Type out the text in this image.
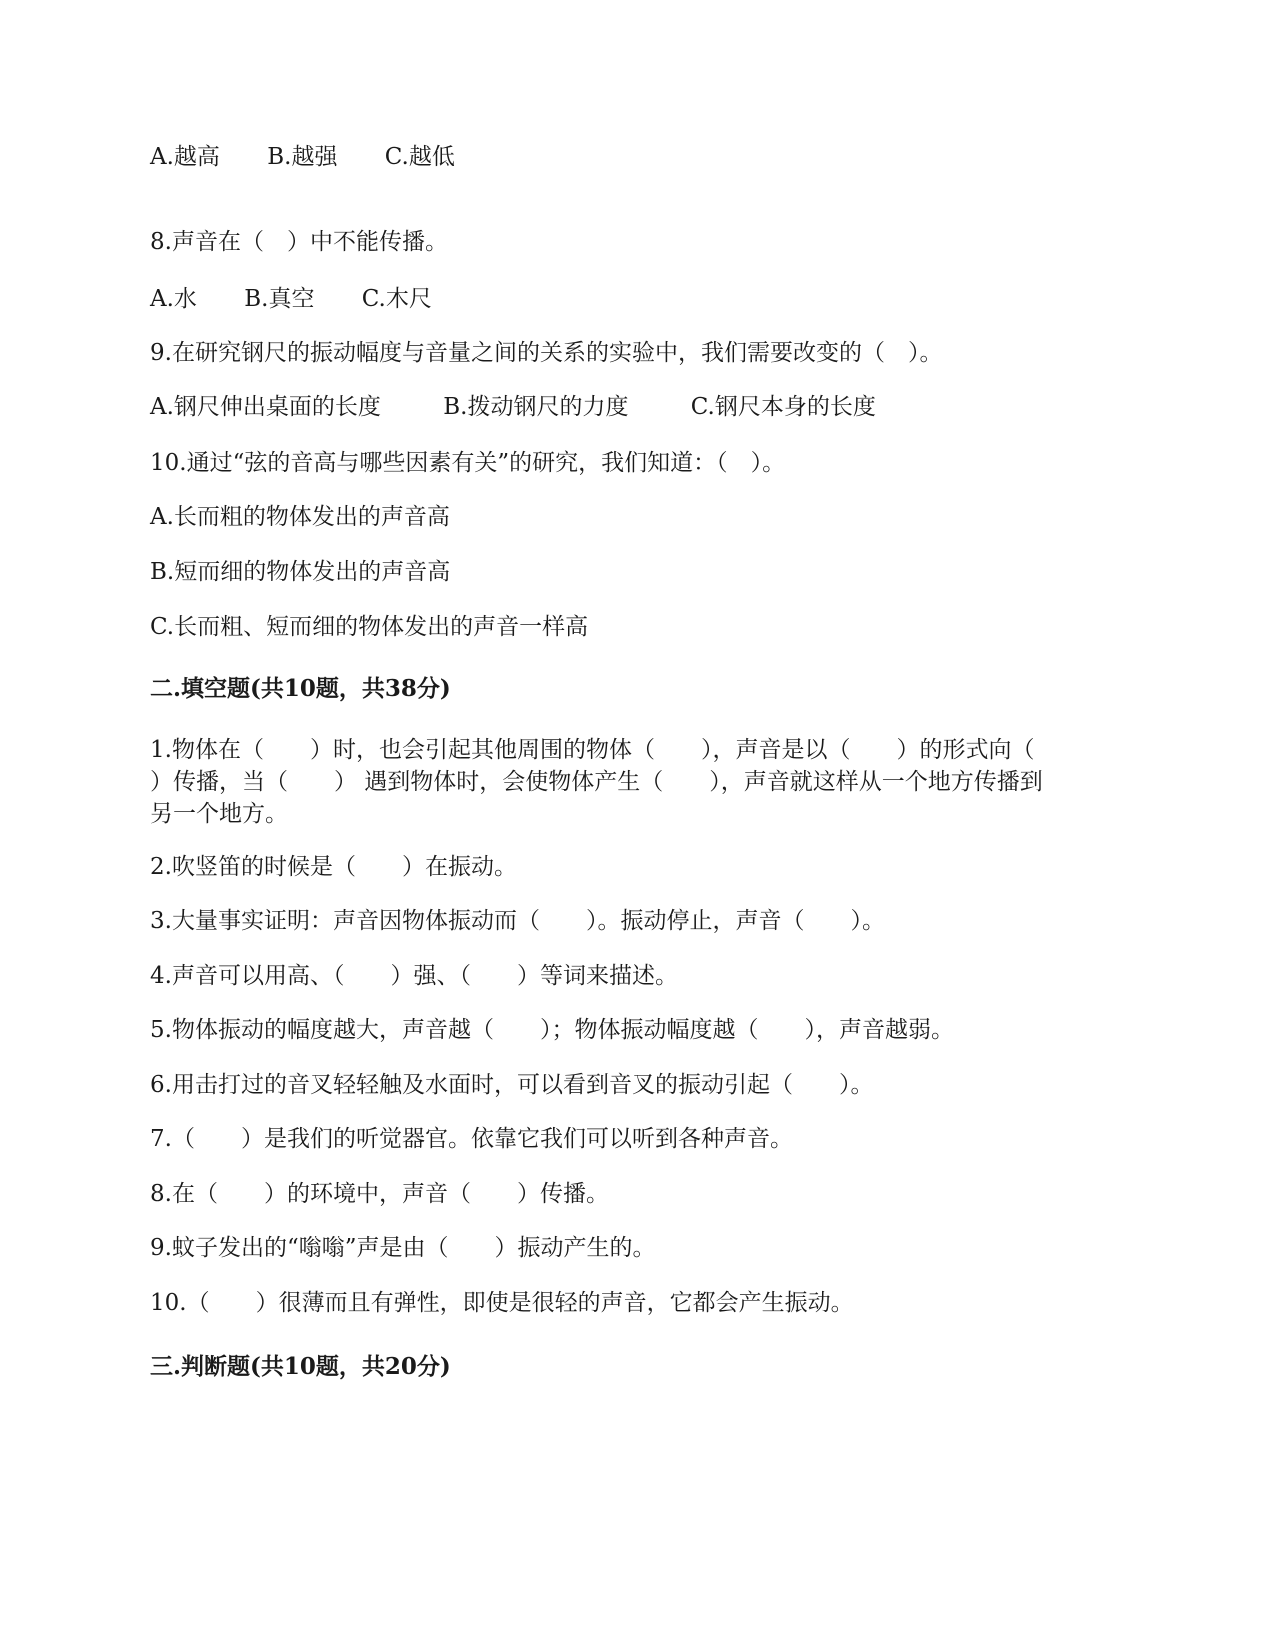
A.越高 B.越强 C.越低
8.声音在（　）中不能传播。
A.水 B.真空 C.木尺
9.在研究钢尺的振动幅度与音量之间的关系的实验中，我们需要改变的（　）。
A.钢尺伸出桌面的长度	B.拨动钢尺的力度	C.钢尺本身的长度
10.通过“弦的音高与哪些因素有关”的研究，我们知道：（　）。
A.长而粗的物体发出的声音高
B.短而细的物体发出的声音高
C.长而粗、短而细的物体发出的声音一样高
二.填空题(共10题，共38分)
1.物体在（　　）时，也会引起其他周围的物体（　　），声音是以（　　）的形式向（
）传播，当（　　） 遇到物体时，会使物体产生（　　），声音就这样从一个地方传播到
另一个地方。
2.吹竖笛的时候是（　　）在振动。
3.大量事实证明：声音因物体振动而（　　）。振动停止，声音（　　）。
4.声音可以用高、（　　）强、（　　）等词来描述。
5.物体振动的幅度越大，声音越（　　）；物体振动幅度越（　　），声音越弱。
6.用击打过的音叉轻轻触及水面时，可以看到音叉的振动引起（　　）。
7.（　　）是我们的听觉器官。依靠它我们可以听到各种声音。
8.在（　　）的环境中，声音（　　）传播。
9.蚊子发出的“嗡嗡”声是由（　　）振动产生的。
10.（　　）很薄而且有弹性，即使是很轻的声音，它都会产生振动。
三.判断题(共10题，共20分)
